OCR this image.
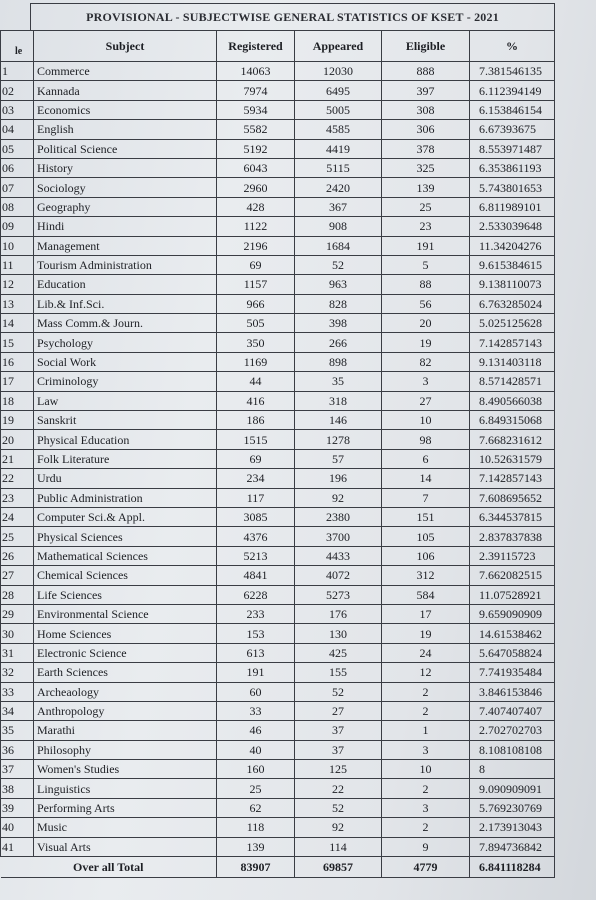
PROVISIONAL - SUBJECTWISE GENERAL STATISTICS OF KSET - 2021
le	Subject	Registered	Appeared	Eligible	%
1	Commerce	14063	12030	888	7.381546135
02	Kannada	7974	6495	397	6.112394149
03	Economics	5934	5005	308	6.153846154
04	English	5582	4585	306	6.67393675
05	Political Science	5192	4419	378	8.553971487
06	History	6043	5115	325	6.353861193
07	Sociology	2960	2420	139	5.743801653
08	Geography	428	367	25	6.811989101
09	Hindi	1122	908	23	2.533039648
10	Management	2196	1684	191	11.34204276
11	Tourism Administration	69	52	5	9.615384615
12	Education	1157	963	88	9.138110073
13	Lib.& Inf.Sci.	966	828	56	6.763285024
14	Mass Comm.& Journ.	505	398	20	5.025125628
15	Psychology	350	266	19	7.142857143
16	Social Work	1169	898	82	9.131403118
17	Criminology	44	35	3	8.571428571
18	Law	416	318	27	8.490566038
19	Sanskrit	186	146	10	6.849315068
20	Physical Education	1515	1278	98	7.668231612
21	Folk Literature	69	57	6	10.52631579
22	Urdu	234	196	14	7.142857143
23	Public Administration	117	92	7	7.608695652
24	Computer Sci.& Appl.	3085	2380	151	6.344537815
25	Physical Sciences	4376	3700	105	2.837837838
26	Mathematical Sciences	5213	4433	106	2.39115723
27	Chemical Sciences	4841	4072	312	7.662082515
28	Life Sciences	6228	5273	584	11.07528921
29	Environmental Science	233	176	17	9.659090909
30	Home Sciences	153	130	19	14.61538462
31	Electronic Science	613	425	24	5.647058824
32	Earth Sciences	191	155	12	7.741935484
33	Archeaology	60	52	2	3.846153846
34	Anthropology	33	27	2	7.407407407
35	Marathi	46	37	1	2.702702703
36	Philosophy	40	37	3	8.108108108
37	Women's Studies	160	125	10	8
38	Linguistics	25	22	2	9.090909091
39	Performing Arts	62	52	3	5.769230769
40	Music	118	92	2	2.173913043
41	Visual Arts	139	114	9	7.894736842
Over all Total		83907	69857	4779	6.841118284
